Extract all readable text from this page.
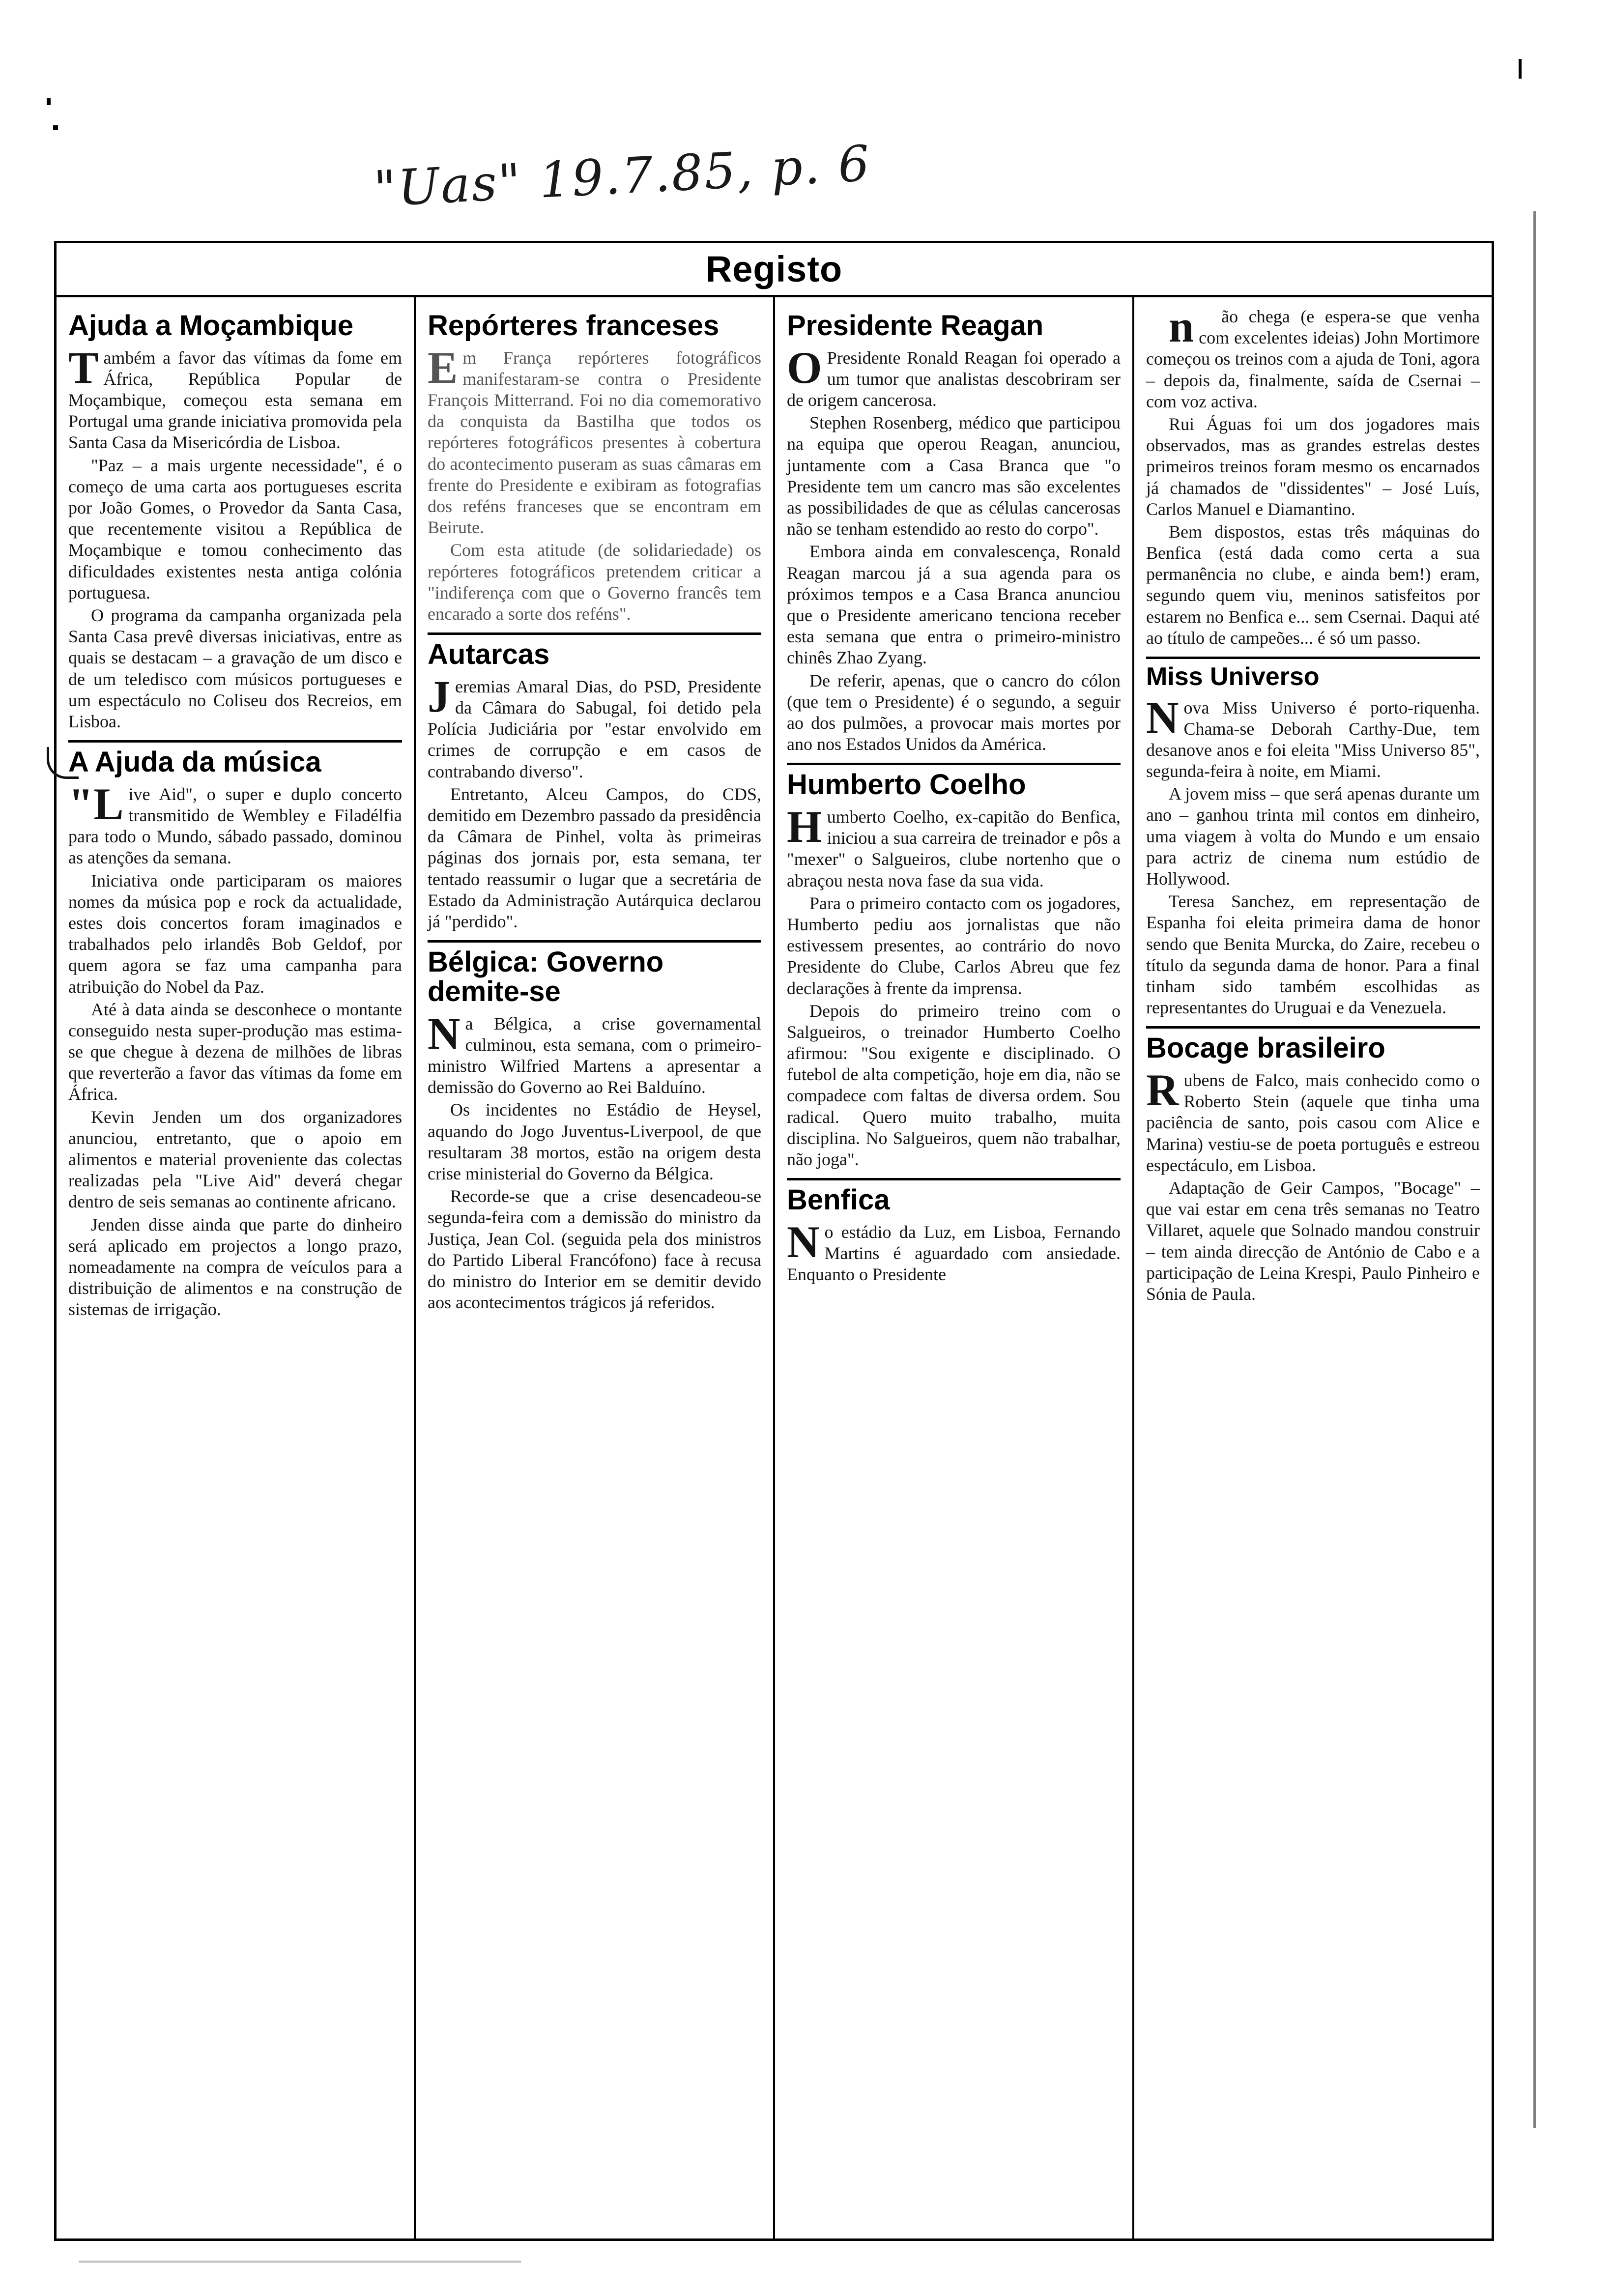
"Uas" 19.7.85, p. 6
Registo
Ajuda a Moçambique

Também a favor das vítimas da fome em África, República Popular de Moçambique, começou esta semana em Portugal uma grande iniciativa promovida pela Santa Casa da Misericórdia de Lisboa.

"Paz – a mais urgente necessidade", é o começo de uma carta aos portugueses escrita por João Gomes, o Provedor da Santa Casa, que recentemente visitou a República de Moçambique e tomou conhecimento das dificuldades existentes nesta antiga colónia portuguesa.

O programa da campanha organizada pela Santa Casa prevê diversas iniciativas, entre as quais se destacam – a gravação de um disco e de um teledisco com músicos portugueses e um espectáculo no Coliseu dos Recreios, em Lisboa.

A Ajuda da música

"Live Aid", o super e duplo concerto transmitido de Wembley e Filadélfia para todo o Mundo, sábado passado, dominou as atenções da semana.

Iniciativa onde participaram os maiores nomes da música pop e rock da actualidade, estes dois concertos foram imaginados e trabalhados pelo irlandês Bob Geldof, por quem agora se faz uma campanha para atribuição do Nobel da Paz.

Até à data ainda se desconhece o montante conseguido nesta super-produção mas estima-se que chegue à dezena de milhões de libras que reverterão a favor das vítimas da fome em África.

Kevin Jenden um dos organizadores anunciou, entretanto, que o apoio em alimentos e material proveniente das colectas realizadas pela "Live Aid" deverá chegar dentro de seis semanas ao continente africano.

Jenden disse ainda que parte do dinheiro será aplicado em projectos a longo prazo, nomeadamente na compra de veículos para a distribuição de alimentos e na construção de sistemas de irrigação.

Repórteres franceses

Em França repórteres fotográficos manifestaram-se contra o Presidente François Mitterrand. Foi no dia comemorativo da conquista da Bastilha que todos os repórteres fotográficos presentes à cobertura do acontecimento puseram as suas câmaras em frente do Presidente e exibiram as fotografias dos reféns franceses que se encontram em Beirute.

Com esta atitude (de solidariedade) os repórteres fotográficos pretendem criticar a "indiferença com que o Governo francês tem encarado a sorte dos reféns".

Autarcas

Jeremias Amaral Dias, do PSD, Presidente da Câmara do Sabugal, foi detido pela Polícia Judiciária por "estar envolvido em crimes de corrupção e em casos de contrabando diverso".

Entretanto, Alceu Campos, do CDS, demitido em Dezembro passado da presidência da Câmara de Pinhel, volta às primeiras páginas dos jornais por, esta semana, ter tentado reassumir o lugar que a secretária de Estado da Administração Autárquica declarou já "perdido".

Bélgica: Governo demite-se

Na Bélgica, a crise governamental culminou, esta semana, com o primeiro-ministro Wilfried Martens a apresentar a demissão do Governo ao Rei Balduíno.

Os incidentes no Estádio de Heysel, aquando do Jogo Juventus-Liverpool, de que resultaram 38 mortos, estão na origem desta crise ministerial do Governo da Bélgica.

Recorde-se que a crise desencadeou-se segunda-feira com a demissão do ministro da Justiça, Jean Col. (seguida pela dos ministros do Partido Liberal Francófono) face à recusa do ministro do Interior em se demitir devido aos acontecimentos trágicos já referidos.

Presidente Reagan

OPresidente Ronald Reagan foi operado a um tumor que analistas descobriram ser de origem cancerosa.

Stephen Rosenberg, médico que participou na equipa que operou Reagan, anunciou, juntamente com a Casa Branca que "o Presidente tem um cancro mas são excelentes as possibilidades de que as células cancerosas não se tenham estendido ao resto do corpo".

Embora ainda em convalescença, Ronald Reagan marcou já a sua agenda para os próximos tempos e a Casa Branca anunciou que o Presidente americano tenciona receber esta semana que entra o primeiro-ministro chinês Zhao Zyang.

De referir, apenas, que o cancro do cólon (que tem o Presidente) é o segundo, a seguir ao dos pulmões, a provocar mais mortes por ano nos Estados Unidos da América.

Humberto Coelho

Humberto Coelho, ex-capitão do Benfica, iniciou a sua carreira de treinador e pôs a "mexer" o Salgueiros, clube nortenho que o abraçou nesta nova fase da sua vida.

Para o primeiro contacto com os jogadores, Humberto pediu aos jornalistas que não estivessem presentes, ao contrário do novo Presidente do Clube, Carlos Abreu que fez declarações à frente da imprensa.

Depois do primeiro treino com o Salgueiros, o treinador Humberto Coelho afirmou: "Sou exigente e disciplinado. O futebol de alta competição, hoje em dia, não se compadece com faltas de diversa ordem. Sou radical. Quero muito trabalho, muita disciplina. No Salgueiros, quem não trabalhar, não joga".

Benfica

No estádio da Luz, em Lisboa, Fernando Martins é aguardado com ansiedade. Enquanto o Presidente

não chega (e espera-se que venha com excelentes ideias) John Mortimore começou os treinos com a ajuda de Toni, agora – depois da, finalmente, saída de Csernai – com voz activa.

Rui Águas foi um dos jogadores mais observados, mas as grandes estrelas destes primeiros treinos foram mesmo os encarnados já chamados de "dissidentes" – José Luís, Carlos Manuel e Diamantino.

Bem dispostos, estas três máquinas do Benfica (está dada como certa a sua permanência no clube, e ainda bem!) eram, segundo quem viu, meninos satisfeitos por estarem no Benfica e... sem Csernai. Daqui até ao título de campeões... é só um passo.

Miss Universo

Nova Miss Universo é porto-riquenha. Chama-se Deborah Carthy-Due, tem desanove anos e foi eleita "Miss Universo 85", segunda-feira à noite, em Miami.

A jovem miss – que será apenas durante um ano – ganhou trinta mil contos em dinheiro, uma viagem à volta do Mundo e um ensaio para actriz de cinema num estúdio de Hollywood.

Teresa Sanchez, em representação de Espanha foi eleita primeira dama de honor sendo que Benita Murcka, do Zaire, recebeu o título da segunda dama de honor. Para a final tinham sido também escolhidas as representantes do Uruguai e da Venezuela.

Bocage brasileiro

Rubens de Falco, mais conhecido como o Roberto Stein (aquele que tinha uma paciência de santo, pois casou com Alice e Marina) vestiu-se de poeta português e estreou espectáculo, em Lisboa.

Adaptação de Geir Campos, "Bocage" – que vai estar em cena três semanas no Teatro Villaret, aquele que Solnado mandou construir – tem ainda direcção de António de Cabo e a participação de Leina Krespi, Paulo Pinheiro e Sónia de Paula.
